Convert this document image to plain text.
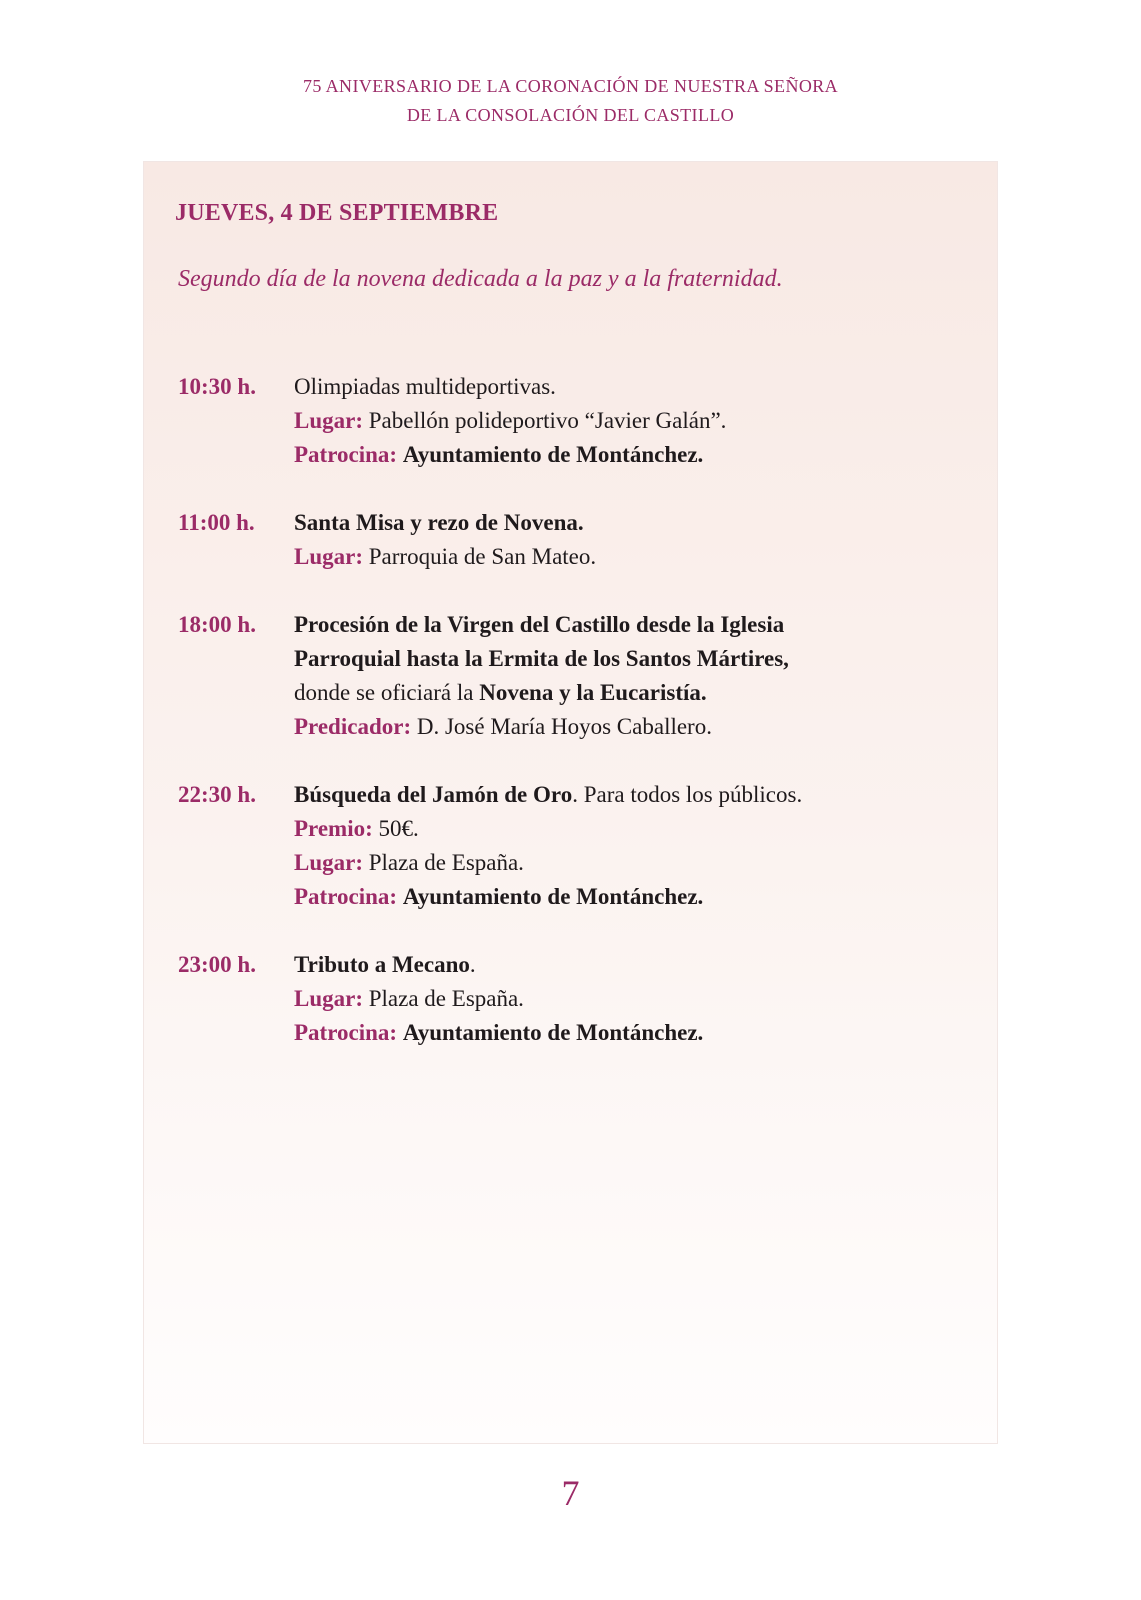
75 ANIVERSARIO DE LA CORONACIÓN DE NUESTRA SEÑORA
DE LA CONSOLACIÓN DEL CASTILLO
JUEVES, 4 DE SEPTIEMBRE
Segundo día de la novena dedicada a la paz y a la fraternidad.
10:30 h.	Olimpiadas multideportivas.
Lugar: Pabellón polideportivo “Javier Galán”.
Patrocina: Ayuntamiento de Montánchez.
11:00 h.	Santa Misa y rezo de Novena.
Lugar: Parroquia de San Mateo.
18:00 h.	Procesión de la Virgen del Castillo desde la Iglesia
Parroquial hasta la Ermita de los Santos Mártires,
donde se oficiará la Novena y la Eucaristía.
Predicador: D. José María Hoyos Caballero.
22:30 h.	Búsqueda del Jamón de Oro. Para todos los públicos.
Premio: 50€.
Lugar: Plaza de España.
Patrocina: Ayuntamiento de Montánchez.
23:00 h.	Tributo a Mecano.
Lugar: Plaza de España.
Patrocina: Ayuntamiento de Montánchez.
7
